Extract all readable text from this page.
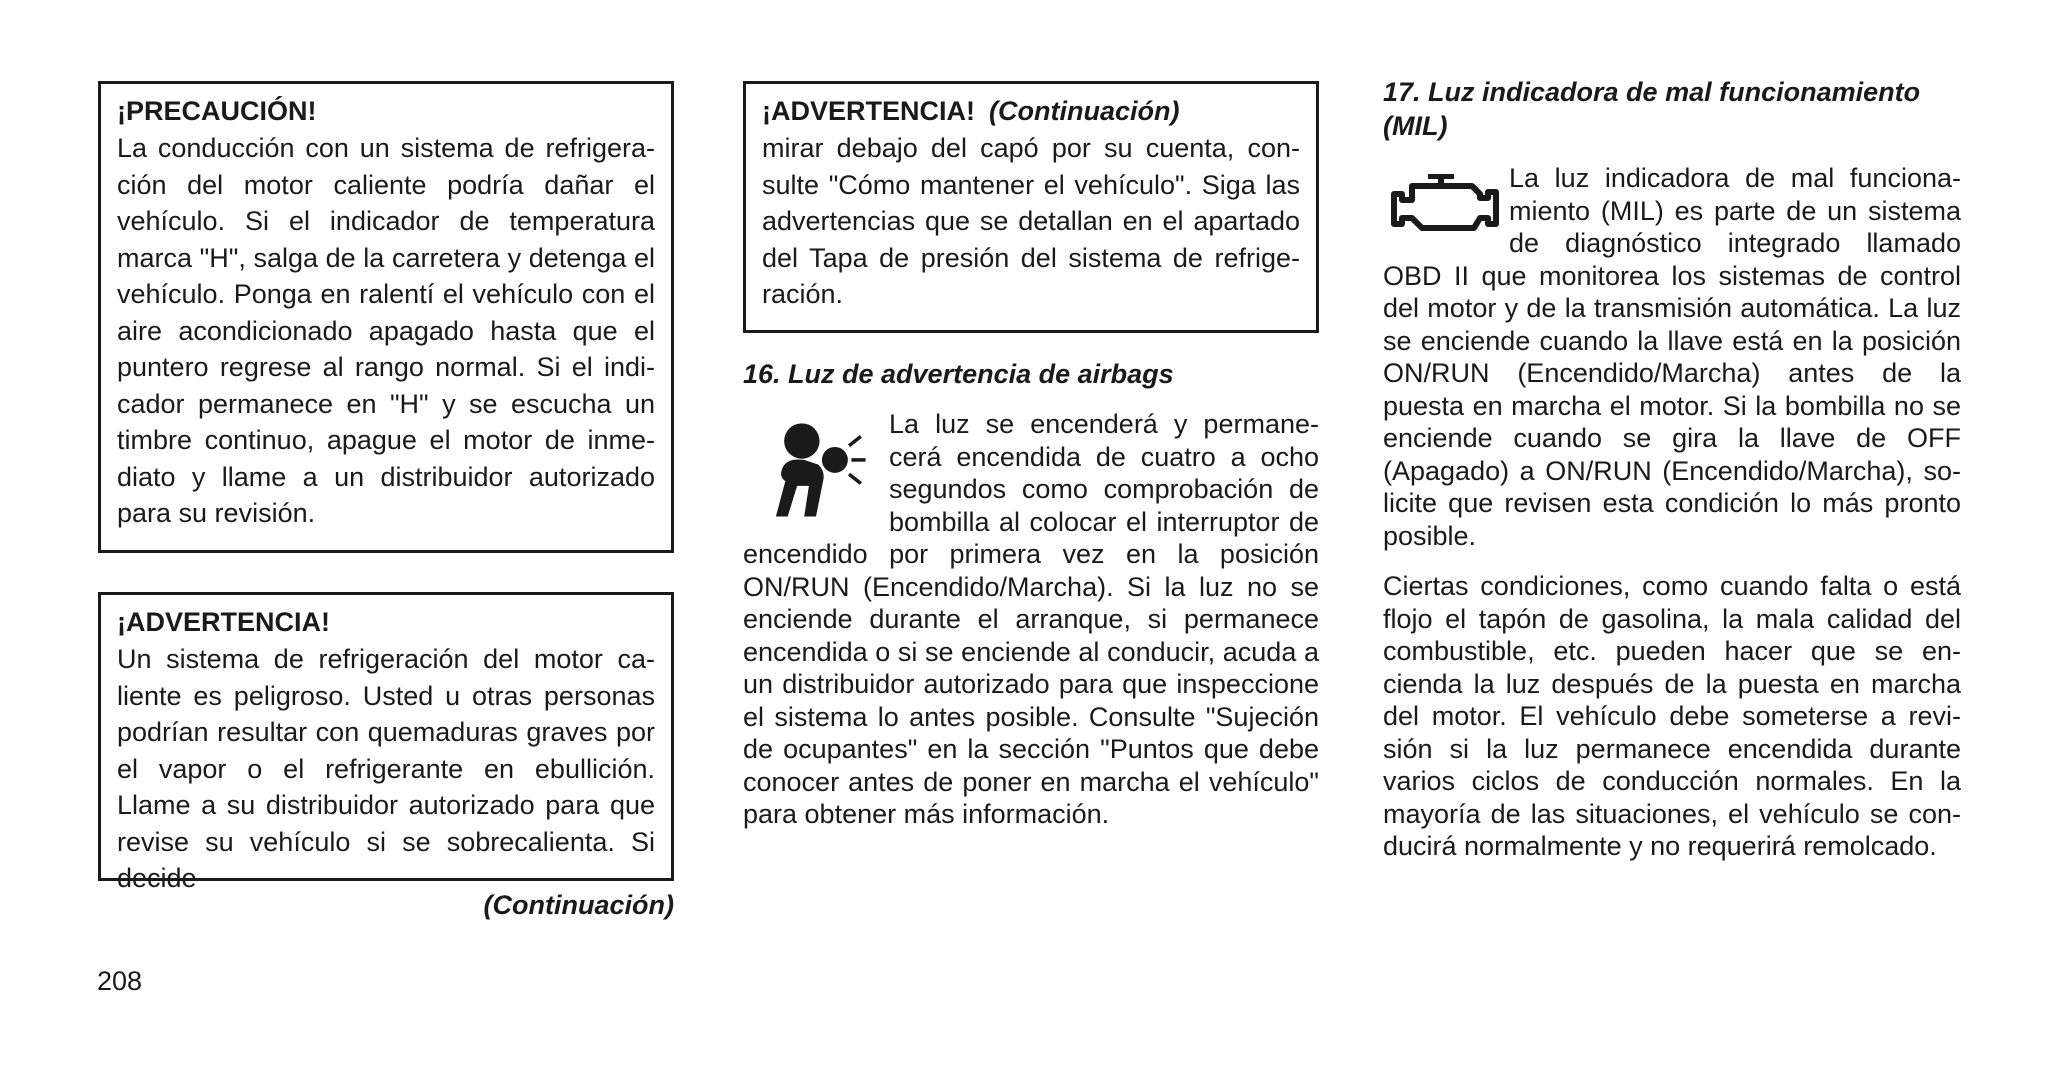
¡PRECAUCIÓN!
La conducción con un sistema de refrigeración del motor caliente podría dañar el vehículo. Si el indicador de temperatura marca "H", salga de la carretera y detenga el vehículo. Ponga en ralentí el vehículo con el aire acondicionado apagado hasta que el puntero regrese al rango normal. Si el indicador permanece en "H" y se escucha un timbre continuo, apague el motor de inmediato y llame a un distribuidor autorizado para su revisión.
¡ADVERTENCIA!
Un sistema de refrigeración del motor caliente es peligroso. Usted u otras personas podrían resultar con quemaduras graves por el vapor o el refrigerante en ebullición. Llame a su distribuidor autorizado para que revise su vehículo si se sobrecalienta. Si decide
(Continuación)
¡ADVERTENCIA! (Continuación)
mirar debajo del capó por su cuenta, consulte "Cómo mantener el vehículo". Siga las advertencias que se detallan en el apartado del Tapa de presión del sistema de refrigeración.
16. Luz de advertencia de airbags
La luz se encenderá y permanecerá encendida de cuatro a ocho segundos como comprobación de bombilla al colocar el interruptor de encendido por primera vez en la posición ON/RUN (Encendido/Marcha). Si la luz no se enciende durante el arranque, si permanece encendida o si se enciende al conducir, acuda a un distribuidor autorizado para que inspeccione el sistema lo antes posible. Consulte "Sujeción de ocupantes" en la sección "Puntos que debe conocer antes de poner en marcha el vehículo" para obtener más información.
17. Luz indicadora de mal funcionamiento (MIL)
La luz indicadora de mal funcionamiento (MIL) es parte de un sistema de diagnóstico integrado llamado OBD II que monitorea los sistemas de control del motor y de la transmisión automática. La luz se enciende cuando la llave está en la posición ON/RUN (Encendido/Marcha) antes de la puesta en marcha el motor. Si la bombilla no se enciende cuando se gira la llave de OFF (Apagado) a ON/RUN (Encendido/Marcha), solicite que revisen esta condición lo más pronto posible.
Ciertas condiciones, como cuando falta o está flojo el tapón de gasolina, la mala calidad del combustible, etc. pueden hacer que se encienda la luz después de la puesta en marcha del motor. El vehículo debe someterse a revisión si la luz permanece encendida durante varios ciclos de conducción normales. En la mayoría de las situaciones, el vehículo se conducirá normalmente y no requerirá remolcado.
208
